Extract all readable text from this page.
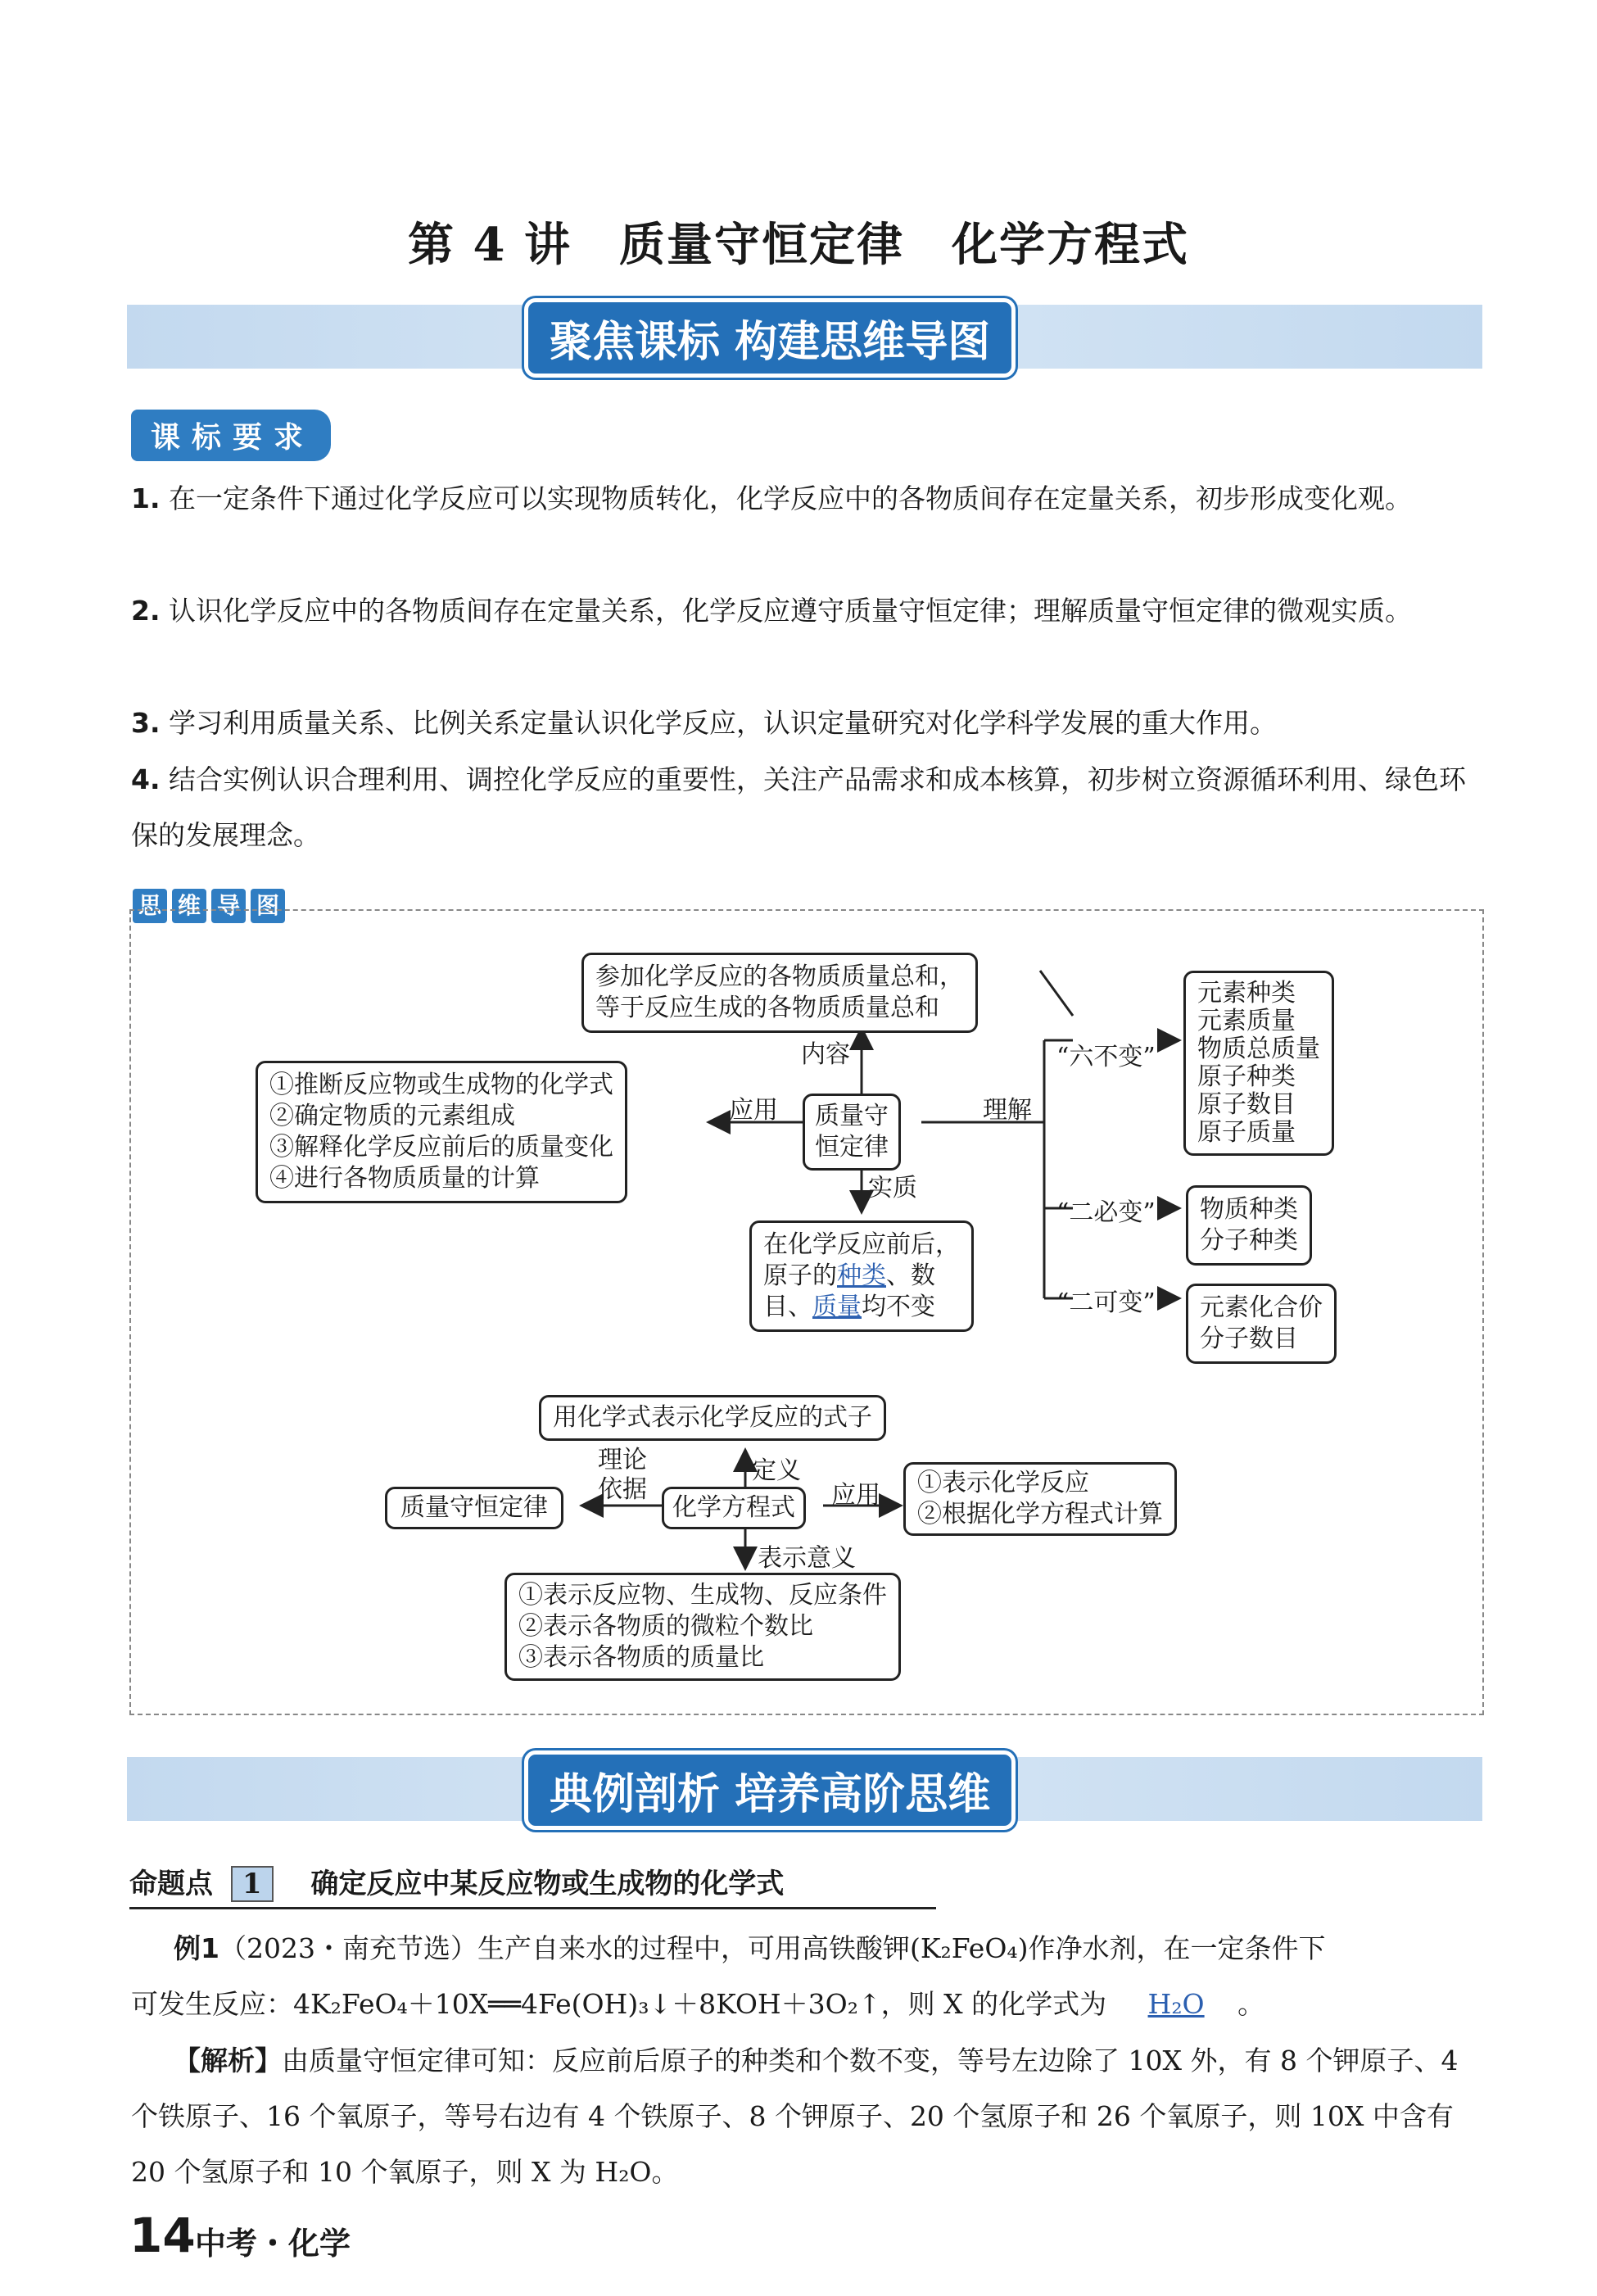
第 4 讲　质量守恒定律　化学方程式
聚焦课标 构建思维导图
课标要求
1. 在一定条件下通过化学反应可以实现物质转化，化学反应中的各物质间存在定量关系，初步形成变化观。
2. 认识化学反应中的各物质间存在定量关系，化学反应遵守质量守恒定律；理解质量守恒定律的微观实质。
3. 学习利用质量关系、比例关系定量认识化学反应，认识定量研究对化学科学发展的重大作用。
4. 结合实例认识合理利用、调控化学反应的重要性，关注产品需求和成本核算，初步树立资源循环利用、绿色环保的发展理念。
思 维 导 图
参加化学反应的各物质质量总和，
等于反应生成的各物质质量总和
内容
质量守
恒定律
应用
①推断反应物或生成物的化学式
②确定物质的元素组成
③解释化学反应前后的质量变化
④进行各物质质量的计算	实质
在化学反应前后，
原子的种类、数
目、质量均不变
理解
“六不变”
元素种类
元素质量
物质总质量
原子种类
原子数目
原子质量
“二必变” 物质种类
分子种类
“二可变” 元素化合价
分子数目
用化学式表示化学反应的式子
定义
化学方程式
理论
依据
质量守恒定律	应用 ①表示化学反应
②根据化学方程式计算
表示意义
①表示反应物、生成物、反应条件
②表示各物质的微粒个数比
③表示各物质的质量比
典例剖析 培养高阶思维
命题点 1 确定反应中某反应物或生成物的化学式
例1（2023・南充节选）生产自来水的过程中，可用高铁酸钾(K₂FeO₄)作净水剂，在一定条件下
可发生反应：4K₂FeO₄＋10X══4Fe(OH)₃↓＋8KOH＋3O₂↑，则 X 的化学式为 H₂O 。
【解析】由质量守恒定律可知：反应前后原子的种类和个数不变，等号左边除了 10X 外，有 8 个钾原子、4 个铁原子、16 个氧原子，等号右边有 4 个铁原子、8 个钾原子、20 个氢原子和 26 个氧原子，则 10X 中含有 20 个氢原子和 10 个氧原子，则 X 为 H₂O。
14 中考・化学
